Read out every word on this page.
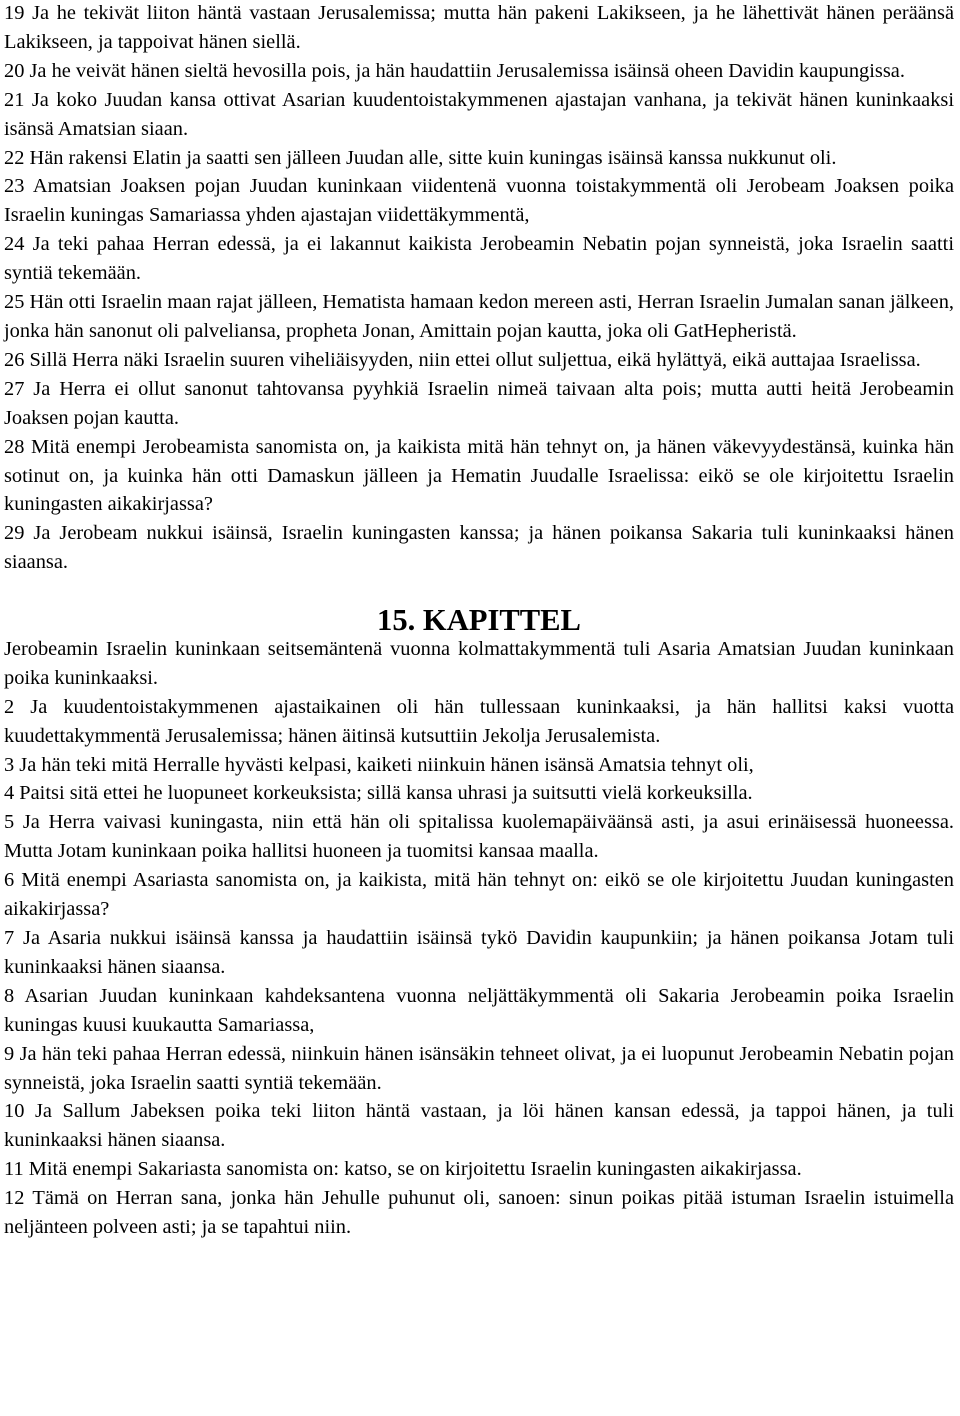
19 Ja he tekivät liiton häntä vastaan Jerusalemissa; mutta hän pakeni Lakikseen, ja he lähettivät hänen peräänsä Lakikseen, ja tappoivat hänen siellä.

20 Ja he veivät hänen sieltä hevosilla pois, ja hän haudattiin Jerusalemissa isäinsä oheen Davidin kaupungissa.

21 Ja koko Juudan kansa ottivat Asarian kuudentoistakymmenen ajastajan vanhana, ja tekivät hänen kuninkaaksi isänsä Amatsian siaan.

22 Hän rakensi Elatin ja saatti sen jälleen Juudan alle, sitte kuin kuningas isäinsä kanssa nukkunut oli.

23 Amatsian Joaksen pojan Juudan kuninkaan viidentenä vuonna toistakymmentä oli Jerobeam Joaksen poika Israelin kuningas Samariassa yhden ajastajan viidettäkymmentä,

24 Ja teki pahaa Herran edessä, ja ei lakannut kaikista Jerobeamin Nebatin pojan synneistä, joka Israelin saatti syntiä tekemään.

25 Hän otti Israelin maan rajat jälleen, Hematista hamaan kedon mereen asti, Herran Israelin Jumalan sanan jälkeen, jonka hän sanonut oli palveliansa, propheta Jonan, Amittain pojan kautta, joka oli GatHepheristä.

26 Sillä Herra näki Israelin suuren viheliäisyyden, niin ettei ollut suljettua, eikä hylättyä, eikä auttajaa Israelissa.

27 Ja Herra ei ollut sanonut tahtovansa pyyhkiä Israelin nimeä taivaan alta pois; mutta autti heitä Jerobeamin Joaksen pojan kautta.

28 Mitä enempi Jerobeamista sanomista on, ja kaikista mitä hän tehnyt on, ja hänen väkevyydestänsä, kuinka hän sotinut on, ja kuinka hän otti Damaskun jälleen ja Hematin Juudalle Israelissa: eikö se ole kirjoitettu Israelin kuningasten aikakirjassa?

29 Ja Jerobeam nukkui isäinsä, Israelin kuningasten kanssa; ja hänen poikansa Sakaria tuli kuninkaaksi hänen siaansa.

15. KAPITTEL

Jerobeamin Israelin kuninkaan seitsemäntenä vuonna kolmattakymmentä tuli Asaria Amatsian Juudan kuninkaan poika kuninkaaksi.

2 Ja kuudentoistakymmenen ajastaikainen oli hän tullessaan kuninkaaksi, ja hän hallitsi kaksi vuotta kuudettakymmentä Jerusalemissa; hänen äitinsä kutsuttiin Jekolja Jerusalemista.

3 Ja hän teki mitä Herralle hyvästi kelpasi, kaiketi niinkuin hänen isänsä Amatsia tehnyt oli,

4 Paitsi sitä ettei he luopuneet korkeuksista; sillä kansa uhrasi ja suitsutti vielä korkeuksilla.

5 Ja Herra vaivasi kuningasta, niin että hän oli spitalissa kuolemapäiväänsä asti, ja asui erinäisessä huoneessa. Mutta Jotam kuninkaan poika hallitsi huoneen ja tuomitsi kansaa maalla.

6 Mitä enempi Asariasta sanomista on, ja kaikista, mitä hän tehnyt on: eikö se ole kirjoitettu Juudan kuningasten aikakirjassa?

7 Ja Asaria nukkui isäinsä kanssa ja haudattiin isäinsä tykö Davidin kaupunkiin; ja hänen poikansa Jotam tuli kuninkaaksi hänen siaansa.

8 Asarian Juudan kuninkaan kahdeksantena vuonna neljättäkymmentä oli Sakaria Jerobeamin poika Israelin kuningas kuusi kuukautta Samariassa,

9 Ja hän teki pahaa Herran edessä, niinkuin hänen isänsäkin tehneet olivat, ja ei luopunut Jerobeamin Nebatin pojan synneistä, joka Israelin saatti syntiä tekemään.

10 Ja Sallum Jabeksen poika teki liiton häntä vastaan, ja löi hänen kansan edessä, ja tappoi hänen, ja tuli kuninkaaksi hänen siaansa.

11 Mitä enempi Sakariasta sanomista on: katso, se on kirjoitettu Israelin kuningasten aikakirjassa.

12 Tämä on Herran sana, jonka hän Jehulle puhunut oli, sanoen: sinun poikas pitää istuman Israelin istuimella neljänteen polveen asti; ja se tapahtui niin.
